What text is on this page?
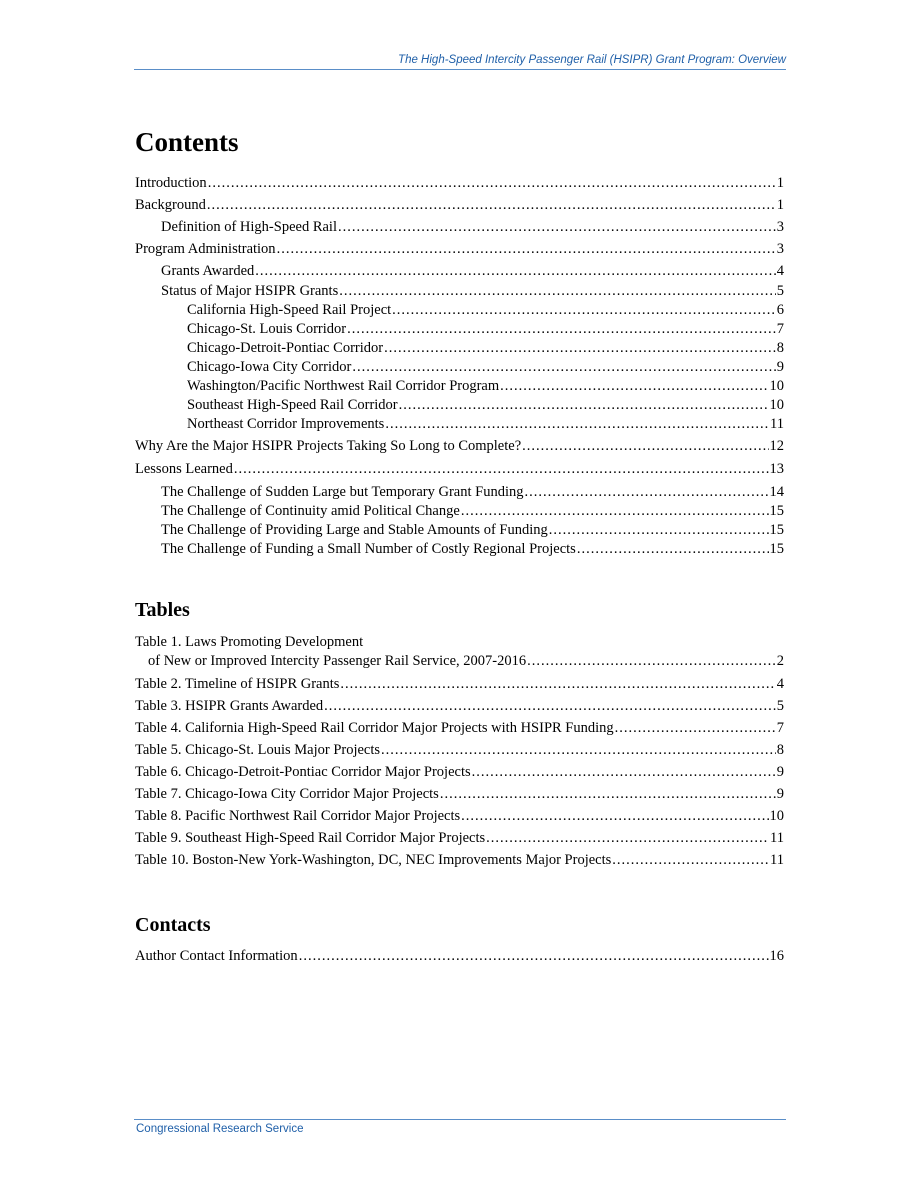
The High-Speed Intercity Passenger Rail (HSIPR) Grant Program: Overview
Contents
Introduction .....	1
Background .....	1
Definition of High-Speed Rail .....	3
Program Administration .....	3
Grants Awarded .....	4
Status of Major HSIPR Grants .....	5
California High-Speed Rail Project .....	6
Chicago-St. Louis Corridor .....	7
Chicago-Detroit-Pontiac Corridor .....	8
Chicago-Iowa City Corridor .....	9
Washington/Pacific Northwest Rail Corridor Program .....	10
Southeast High-Speed Rail Corridor .....	10
Northeast Corridor Improvements .....	11
Why Are the Major HSIPR Projects Taking So Long to Complete? .....	12
Lessons Learned .....	13
The Challenge of Sudden Large but Temporary Grant Funding .....	14
The Challenge of Continuity amid Political Change .....	15
The Challenge of Providing Large and Stable Amounts of Funding .....	15
The Challenge of Funding a Small Number of Costly Regional Projects .....	15
Tables
Table 1. Laws Promoting Development
of New or Improved Intercity Passenger Rail Service, 2007-2016 .....	2
Table 2. Timeline of HSIPR Grants .....	4
Table 3. HSIPR Grants Awarded .....	5
Table 4. California High-Speed Rail Corridor Major Projects with HSIPR Funding .....	7
Table 5. Chicago-St. Louis Major Projects .....	8
Table 6. Chicago-Detroit-Pontiac Corridor Major Projects .....	9
Table 7. Chicago-Iowa City Corridor Major Projects .....	9
Table 8. Pacific Northwest Rail Corridor Major Projects .....	10
Table 9. Southeast High-Speed Rail Corridor Major Projects .....	11
Table 10. Boston-New York-Washington, DC, NEC Improvements Major Projects .....	11
Contacts
Author Contact Information .....	16
Congressional Research Service
